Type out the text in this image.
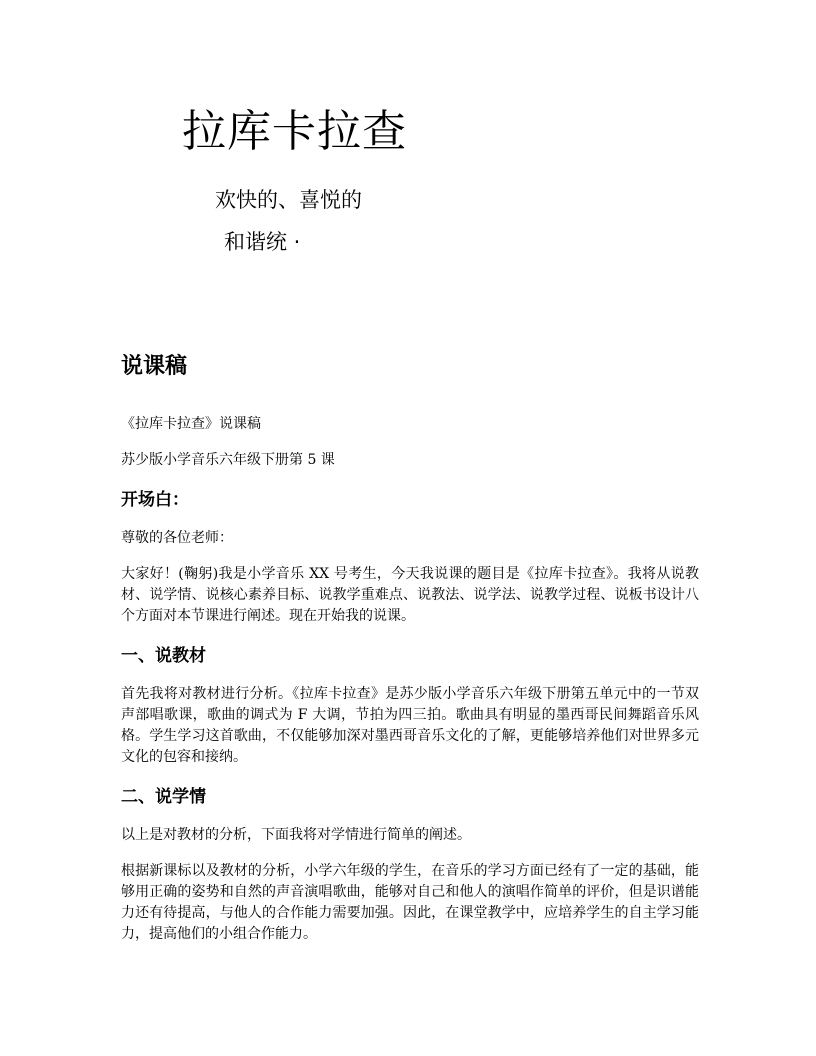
拉库卡拉查
欢快的、喜悦的
和谐统 ·
说课稿

《拉库卡拉查》说课稿

苏少版小学音乐六年级下册第 5 课

开场白：

尊敬的各位老师：

大家好！(鞠躬)我是小学音乐 XX 号考生，今天我说课的题目是《拉库卡拉查》。我将从说教材、说学情、说核心素养目标、说教学重难点、说教法、说学法、说教学过程、说板书设计八个方面对本节课进行阐述。现在开始我的说课。

一、说教材

首先我将对教材进行分析。《拉库卡拉查》是苏少版小学音乐六年级下册第五单元中的一节双声部唱歌课，歌曲的调式为 F 大调，节拍为四三拍。歌曲具有明显的墨西哥民间舞蹈音乐风格。学生学习这首歌曲，不仅能够加深对墨西哥音乐文化的了解，更能够培养他们对世界多元文化的包容和接纳。

二、说学情

以上是对教材的分析，下面我将对学情进行简单的阐述。

根据新课标以及教材的分析，小学六年级的学生，在音乐的学习方面已经有了一定的基础，能够用正确的姿势和自然的声音演唱歌曲，能够对自己和他人的演唱作简单的评价，但是识谱能力还有待提高，与他人的合作能力需要加强。因此，在课堂教学中，应培养学生的自主学习能力，提高他们的小组合作能力。
